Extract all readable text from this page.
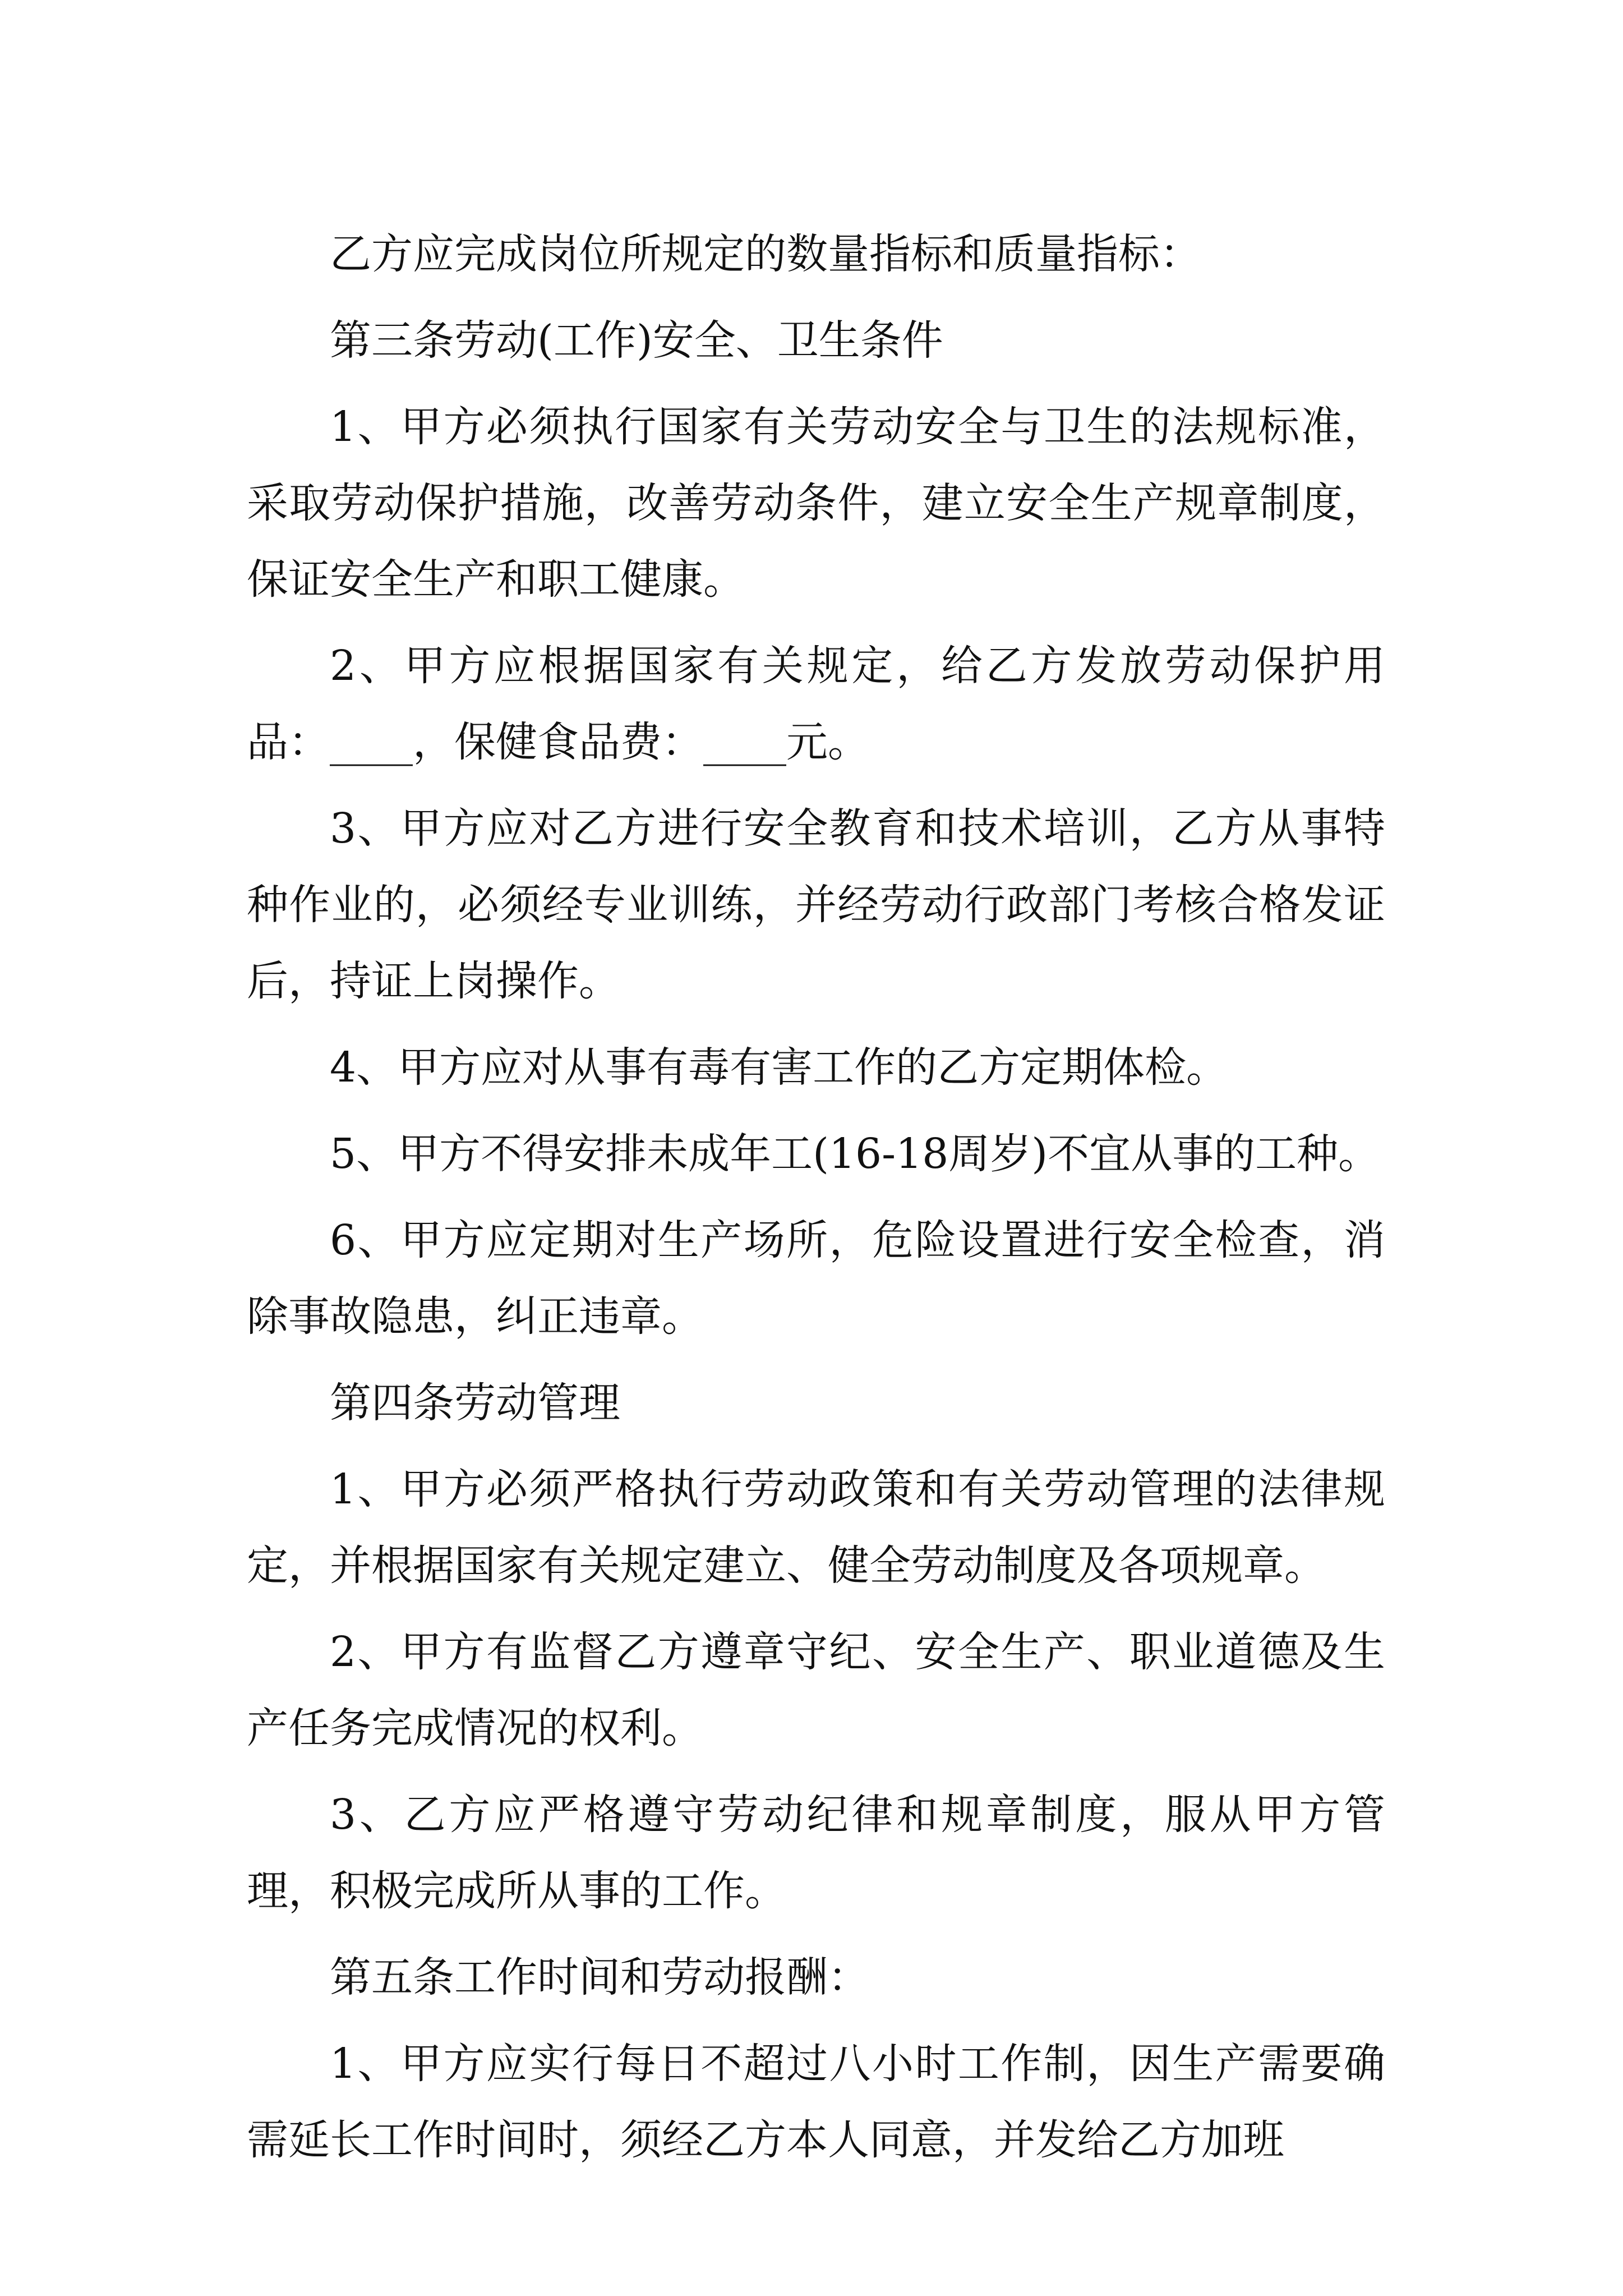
乙方应完成岗位所规定的数量指标和质量指标：

第三条劳动(工作)安全、卫生条件

1、甲方必须执行国家有关劳动安全与卫生的法规标准，采取劳动保护措施，改善劳动条件，建立安全生产规章制度，保证安全生产和职工健康。

2、甲方应根据国家有关规定，给乙方发放劳动保护用品：____，保健食品费：____元。

3、甲方应对乙方进行安全教育和技术培训，乙方从事特种作业的，必须经专业训练，并经劳动行政部门考核合格发证后，持证上岗操作。

4、甲方应对从事有毒有害工作的乙方定期体检。

5、甲方不得安排未成年工(16-18周岁)不宜从事的工种。

6、甲方应定期对生产场所，危险设置进行安全检查，消除事故隐患，纠正违章。

第四条劳动管理

1、甲方必须严格执行劳动政策和有关劳动管理的法律规定，并根据国家有关规定建立、健全劳动制度及各项规章。

2、甲方有监督乙方遵章守纪、安全生产、职业道德及生产任务完成情况的权利。

3、乙方应严格遵守劳动纪律和规章制度，服从甲方管理，积极完成所从事的工作。

第五条工作时间和劳动报酬：

1、甲方应实行每日不超过八小时工作制，因生产需要确需延长工作时间时，须经乙方本人同意，并发给乙方加班
